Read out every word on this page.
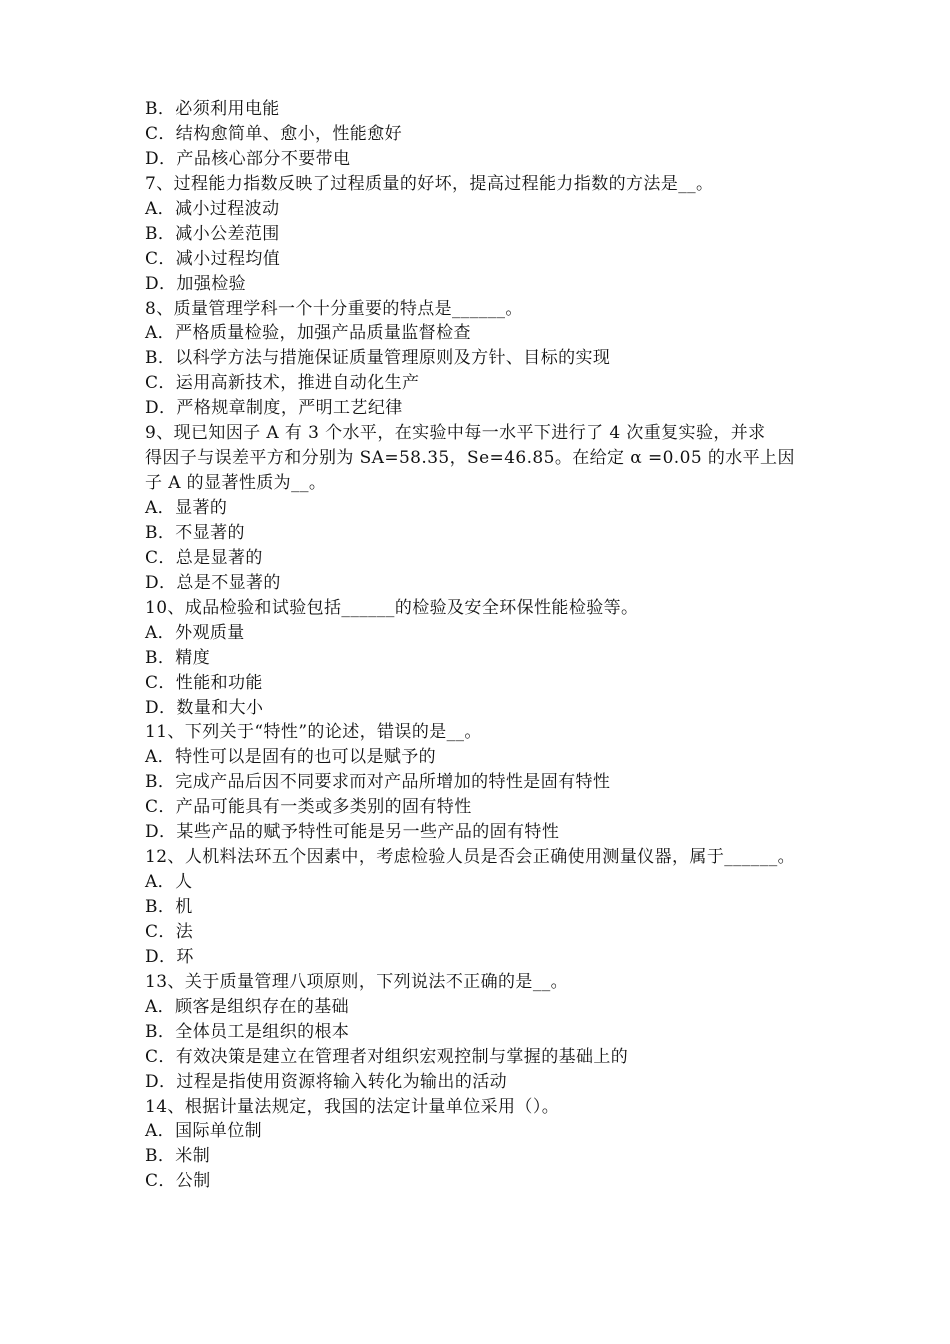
B．必须利用电能
C．结构愈简单、愈小，性能愈好
D．产品核心部分不要带电
7、过程能力指数反映了过程质量的好坏，提高过程能力指数的方法是__。
A．减小过程波动
B．减小公差范围
C．减小过程均值
D．加强检验
8、质量管理学科一个十分重要的特点是______。
A．严格质量检验，加强产品质量监督检查
B．以科学方法与措施保证质量管理原则及方针、目标的实现
C．运用高新技术，推进自动化生产
D．严格规章制度，严明工艺纪律
9、现已知因子 A 有 3 个水平，在实验中每一水平下进行了 4 次重复实验，并求
得因子与误差平方和分别为 SA=58.35，Se=46.85。在给定 α =0.05 的水平上因
子 A 的显著性质为__。
A．显著的
B．不显著的
C．总是显著的
D．总是不显著的
10、成品检验和试验包括______的检验及安全环保性能检验等。
A．外观质量
B．精度
C．性能和功能
D．数量和大小
11、下列关于“特性”的论述，错误的是__。
A．特性可以是固有的也可以是赋予的
B．完成产品后因不同要求而对产品所增加的特性是固有特性
C．产品可能具有一类或多类别的固有特性
D．某些产品的赋予特性可能是另一些产品的固有特性
12、人机料法环五个因素中，考虑检验人员是否会正确使用测量仪器，属于______。
A．人
B．机
C．法
D．环
13、关于质量管理八项原则，下列说法不正确的是__。
A．顾客是组织存在的基础
B．全体员工是组织的根本
C．有效决策是建立在管理者对组织宏观控制与掌握的基础上的
D．过程是指使用资源将输入转化为输出的活动
14、根据计量法规定，我国的法定计量单位采用（）。
A．国际单位制
B．米制
C．公制
